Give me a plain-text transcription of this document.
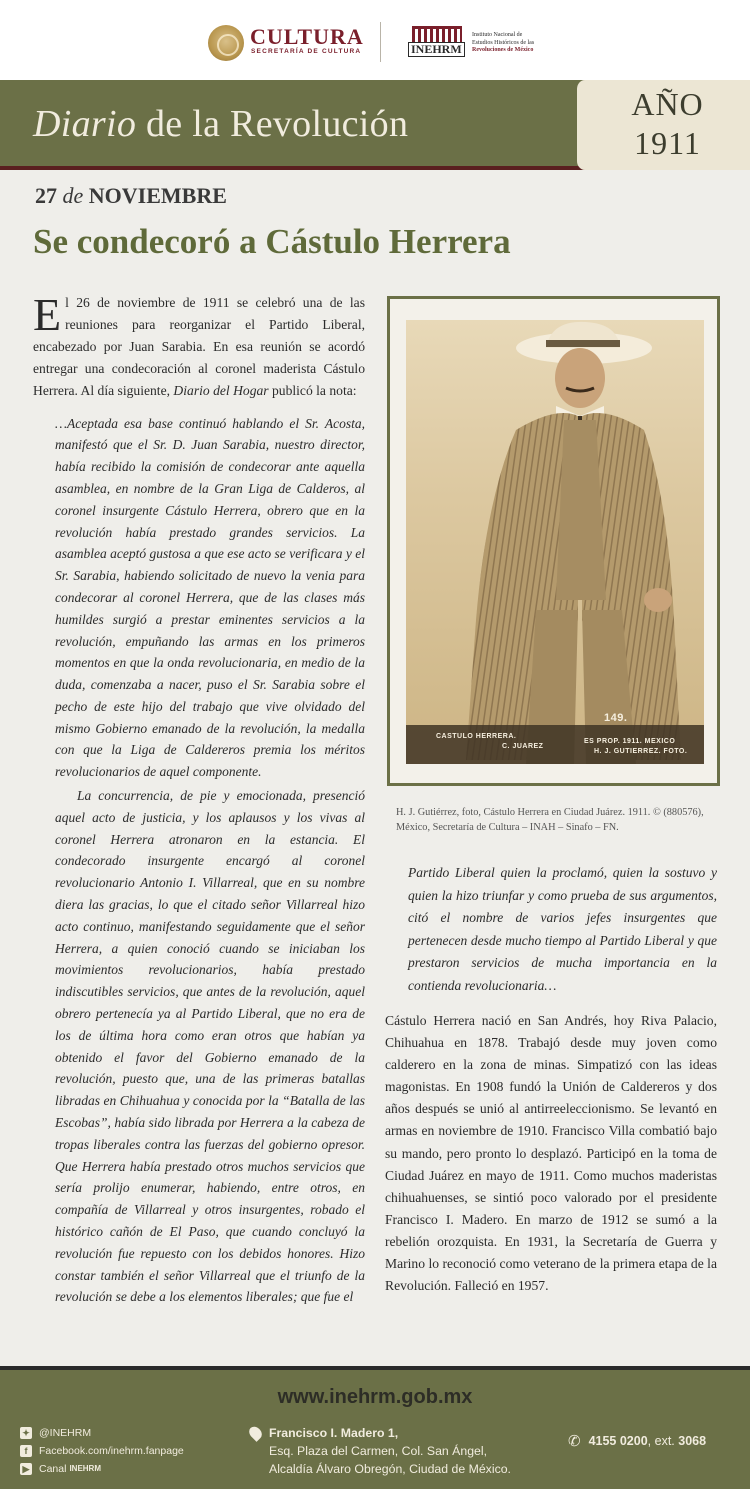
CULTURA
SECRETARÍA DE CULTURA	INEHRM
Instituto Nacional de
Estudios Históricos de las
Revoluciones de México
Diario de la Revolución	AÑO
1911
27 de NOVIEMBRE
Se condecoró a Cástulo Herrera

El 26 de noviembre de 1911 se celebró una de las reuniones para reorganizar el Partido Liberal, encabezado por Juan Sarabia. En esa reunión se acordó entregar una condecoración al coronel maderista Cástulo Herrera. Al día siguiente, Diario del Hogar publicó la nota:

…Aceptada esa base continuó hablando el Sr. Acosta, manifestó que el Sr. D. Juan Sarabia, nuestro director, había recibido la comisión de condecorar ante aquella asamblea, en nombre de la Gran Liga de Calderos, al coronel insurgente Cástulo Herrera, obrero que en la revolución había prestado grandes servicios. La asamblea aceptó gustosa a que ese acto se verificara y el Sr. Sarabia, habiendo solicitado de nuevo la venia para condecorar al coronel Herrera, que de las clases más humildes surgió a prestar eminentes servicios a la revolución, empuñando las armas en los primeros momentos en que la onda revolucionaria, en medio de la duda, comenzaba a nacer, puso el Sr. Sarabia sobre el pecho de este hijo del trabajo que vive olvidado del mismo Gobierno emanado de la revolución, la medalla con que la Liga de Caldereros premia los méritos revolucionarios de aquel componente.

La concurrencia, de pie y emocionada, presenció aquel acto de justicia, y los aplausos y los vivas al coronel Herrera atronaron en la estancia. El condecorado insurgente encargó al coronel revolucionario Antonio I. Villarreal, que en su nombre diera las gracias, lo que el citado señor Villarreal hizo acto continuo, manifestando seguidamente que el señor Herrera, a quien conoció cuando se iniciaban los movimientos revolucionarios, había prestado indiscutibles servicios, que antes de la revolución, aquel obrero pertenecía ya al Partido Liberal, que no era de los de última hora como eran otros que habían ya obtenido el favor del Gobierno emanado de la revolución, puesto que, una de las primeras batallas libradas en Chihuahua y conocida por la “Batalla de las Escobas”, había sido librada por Herrera a la cabeza de tropas liberales contra las fuerzas del gobierno opresor. Que Herrera había prestado otros muchos servicios que sería prolijo enumerar, habiendo, entre otros, en compañía de Villarreal y otros insurgentes, robado el histórico cañón de El Paso, que cuando concluyó la revolución fue repuesto con los debidos honores. Hizo constar también el señor Villarreal que el triunfo de la revolución se debe a los elementos liberales; que fue el

CASTULO HERRERA.
C. JUAREZ
149.
ES PROP. 1911. MEXICO
H. J. GUTIERREZ. FOTO.
H. J. Gutiérrez, foto, Cástulo Herrera en Ciudad Juárez. 1911. © (880576), México, Secretaría de Cultura – INAH – Sinafo – FN.
Partido Liberal quien la proclamó, quien la sostuvo y quien la hizo triunfar y como prueba de sus argumentos, citó el nombre de varios jefes insurgentes que pertenecen desde mucho tiempo al Partido Liberal y que prestaron servicios de mucha importancia en la contienda revolucionaria…
Cástulo Herrera nació en San Andrés, hoy Riva Palacio, Chihuahua en 1878. Trabajó desde muy joven como calderero en la zona de minas. Simpatizó con las ideas magonistas. En 1908 fundó la Unión de Caldereros y dos años después se unió al antirreeleccionismo. Se levantó en armas en noviembre de 1910. Francisco Villa combatió bajo su mando, pero pronto lo desplazó. Participó en la toma de Ciudad Juárez en mayo de 1911. Como muchos maderistas chihuahuenses, se sintió poco valorado por el presidente Francisco I. Madero. En marzo de 1912 se sumó a la rebelión orozquista. En 1931, la Secretaría de Guerra y Marino lo reconoció como veterano de la primera etapa de la Revolución. Falleció en 1957.
www.inehrm.gob.mx
✦ @INEHRM
f	Facebook.com/inehrm.fanpage
▶ Canal INEHRM
Francisco I. Madero 1,
Esq. Plaza del Carmen, Col. San Ángel,
Alcaldía Álvaro Obregón, Ciudad de México.
✆ 4155 0200, ext. 3068
